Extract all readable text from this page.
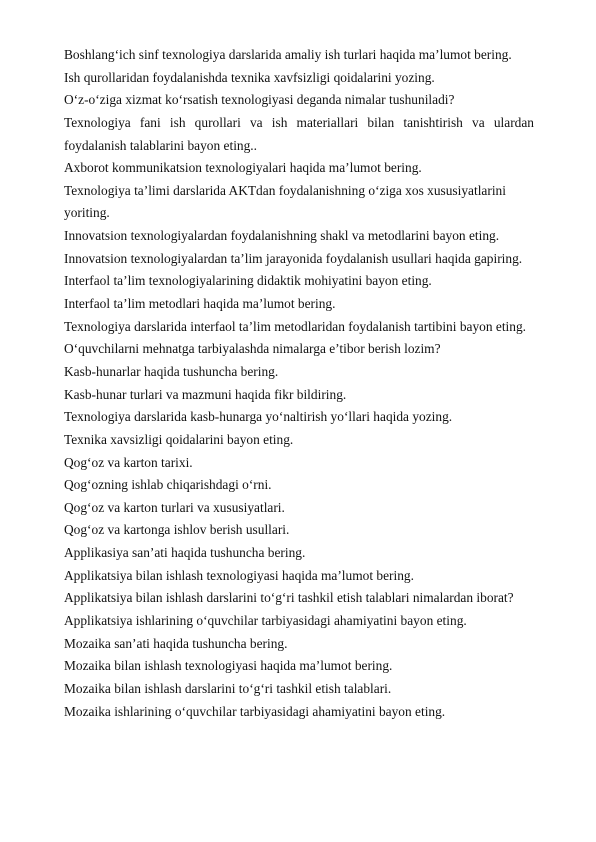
Boshlang‘ich sinf texnologiya darslarida amaliy ish turlari haqida ma’lumot bering.
Ish qurollaridan foydalanishda texnika xavfsizligi qoidalarini yozing.
O‘z-o‘ziga xizmat ko‘rsatish texnologiyasi deganda nimalar tushuniladi?
Texnologiya fani ish qurollari va ish materiallari bilan tanishtirish va ulardan
foydalanish talablarini bayon eting..
Axborot kommunikatsion texnologiyalari haqida ma’lumot bering.
Texnologiya ta’limi darslarida AKTdan foydalanishning o‘ziga xos xususiyatlarini
yoriting.
Innovatsion texnologiyalardan foydalanishning shakl va metodlarini bayon eting.
Innovatsion texnologiyalardan ta’lim jarayonida foydalanish usullari haqida gapiring.
Interfaol ta’lim texnologiyalarining didaktik mohiyatini bayon eting.
Interfaol ta’lim metodlari haqida ma’lumot bering.
Texnologiya darslarida interfaol ta’lim metodlaridan foydalanish tartibini bayon eting.
O‘quvchilarni mehnatga tarbiyalashda nimalarga e’tibor berish lozim?
Kasb-hunarlar haqida tushuncha bering.
Kasb-hunar turlari va mazmuni haqida fikr bildiring.
Texnologiya darslarida kasb-hunarga yo‘naltirish yo‘llari haqida yozing.
Texnika xavsizligi qoidalarini bayon eting.
Qog‘oz va karton tarixi.
Qog‘ozning ishlab chiqarishdagi o‘rni.
Qog‘oz va karton turlari va xususiyatlari.
Qog‘oz va kartonga ishlov berish usullari.
Applikasiya san’ati haqida tushuncha bering.
Applikatsiya bilan ishlash texnologiyasi haqida ma’lumot bering.
Applikatsiya bilan ishlash darslarini to‘g‘ri tashkil etish talablari nimalardan iborat?
Applikatsiya ishlarining o‘quvchilar tarbiyasidagi ahamiyatini bayon eting.
Mozaika san’ati haqida tushuncha bering.
Mozaika bilan ishlash texnologiyasi haqida ma’lumot bering.
Mozaika bilan ishlash darslarini to‘g‘ri tashkil etish talablari.
Mozaika ishlarining o‘quvchilar tarbiyasidagi ahamiyatini bayon eting.
